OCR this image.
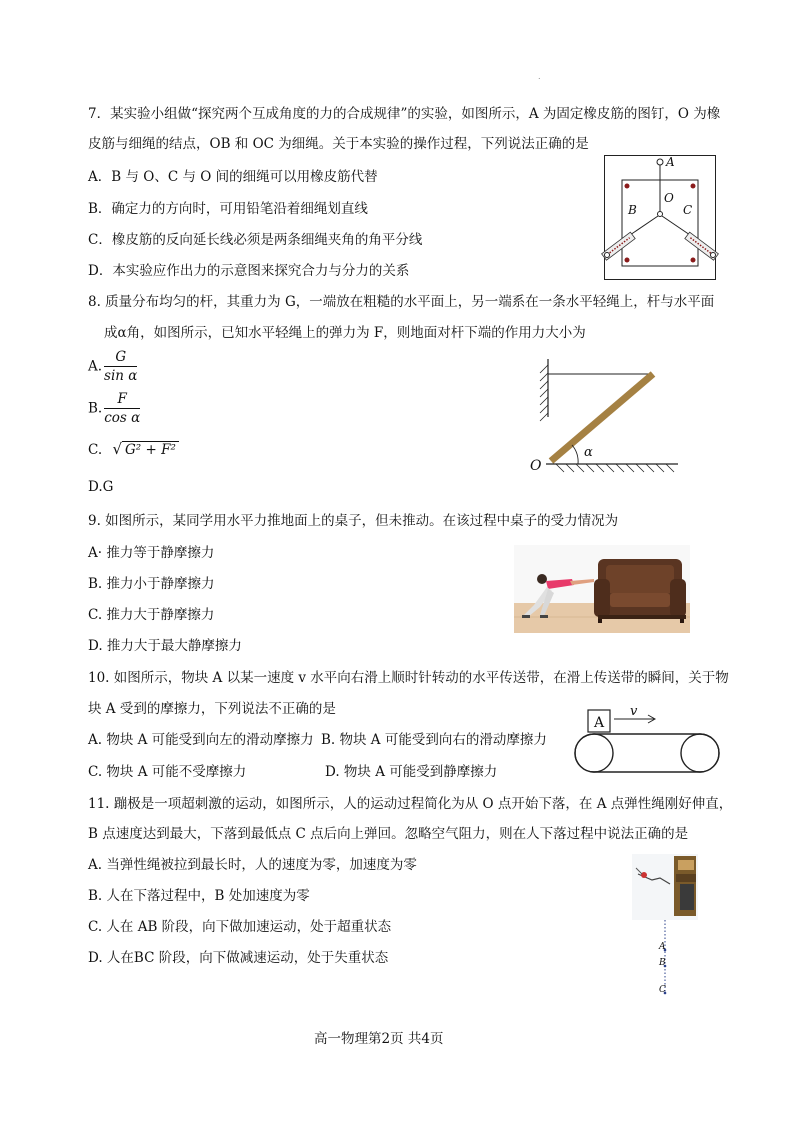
.
7．某实验小组做“探究两个互成角度的力的合成规律”的实验，如图所示，A 为固定橡皮筋的图钉，O 为橡
皮筋与细绳的结点，OB 和 OC 为细绳。关于本实验的操作过程，下列说法正确的是
A．B 与 O、C 与 O 间的细绳可以用橡皮筋代替
B．确定力的方向时，可用铅笔沿着细绳划直线
C．橡皮筋的反向延长线必须是两条细绳夹角的角平分线
D．本实验应作出力的示意图来探究合力与分力的关系
A
O
B	C
8. 质量分布均匀的杆，其重力为 G，一端放在粗糙的水平面上，另一端系在一条水平轻绳上，杆与水平面
成α角，如图所示，已知水平轻绳上的弹力为 F，则地面对杆下端的作用力大小为
A. $\frac{G}{\text{sin α}}$
B. $\frac{F}{\text{cos α}}$
C. √ G² + F²
D.G
O
α
9. 如图所示，某同学用水平力推地面上的桌子，但未推动。在该过程中桌子的受力情况为
A· 推力等于静摩擦力
B. 推力小于静摩擦力
C. 推力大于静摩擦力
D. 推力大于最大静摩擦力
10. 如图所示，物块 A 以某一速度 v 水平向右滑上顺时针转动的水平传送带，在滑上传送带的瞬间，关于物
块 A 受到的摩擦力，下列说法不正确的是
A. 物块 A 可能受到向左的滑动摩擦力 B. 物块 A 可能受到向右的滑动摩擦力
C. 物块 A 可能不受摩擦力	D. 物块 A 可能受到静摩擦力
A
v
11. 蹦极是一项超刺激的运动，如图所示，人的运动过程简化为从 O 点开始下落，在 A 点弹性绳刚好伸直，
B 点速度达到最大，下落到最低点 C 点后向上弹回。忽略空气阻力，则在人下落过程中说法正确的是
A. 当弹性绳被拉到最长时，人的速度为零，加速度为零
B. 人在下落过程中，B 处加速度为零
C. 人在 AB 阶段，向下做加速运动，处于超重状态
D. 人在BC 阶段，向下做减速运动，处于失重状态
A
B
C
高一物理第2页 共4页
